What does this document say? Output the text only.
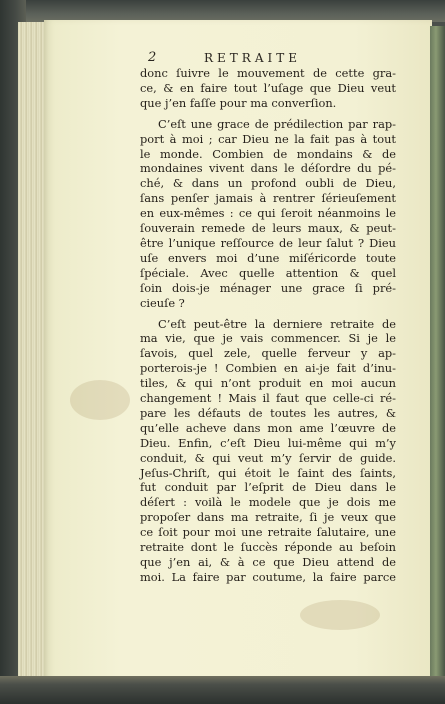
2	RETRAITE
donc ſuivre le mouvement de cette gra-
ce, & en faire tout l’uſage que Dieu veut
que j’en faſſe pour ma converſion.
C’eſt une grace de prédilection par rap-
port à moi ; car Dieu ne la fait pas à tout
le monde. Combien de mondains & de
mondaines vivent dans le déſordre du pé-
ché, & dans un profond oubli de Dieu,
ſans penſer jamais à rentrer ſérieuſement
en eux-mêmes : ce qui ſeroit néanmoins le
ſouverain remede de leurs maux, & peut-
être l’unique reſſource de leur ſalut ? Dieu
uſe envers moi d’une miſéricorde toute
ſpéciale. Avec quelle attention & quel
ſoin dois-je ménager une grace ſi pré-
cieuſe ?
C’eſt peut-être la derniere retraite de
ma vie, que je vais commencer. Si je le
ſavois, quel zele, quelle ferveur y ap-
porterois-je ! Combien en ai-je fait d’inu-
tiles, & qui n’ont produit en moi aucun
changement ! Mais il faut que celle-ci ré-
pare les défauts de toutes les autres, &
qu’elle acheve dans mon ame l’œuvre de
Dieu. Enfin, c’eſt Dieu lui-même qui m’y
conduit, & qui veut m’y ſervir de guide.
Jeſus-Chriſt, qui étoit le ſaint des ſaints,
fut conduit par l’eſprit de Dieu dans le
déſert : voilà le modele que je dois me
propoſer dans ma retraite, ſi je veux que
ce ſoit pour moi une retraite ſalutaire, une
retraite dont le ſuccès réponde au beſoin
que j’en ai, & à ce que Dieu attend de
moi. La faire par coutume, la faire parce
